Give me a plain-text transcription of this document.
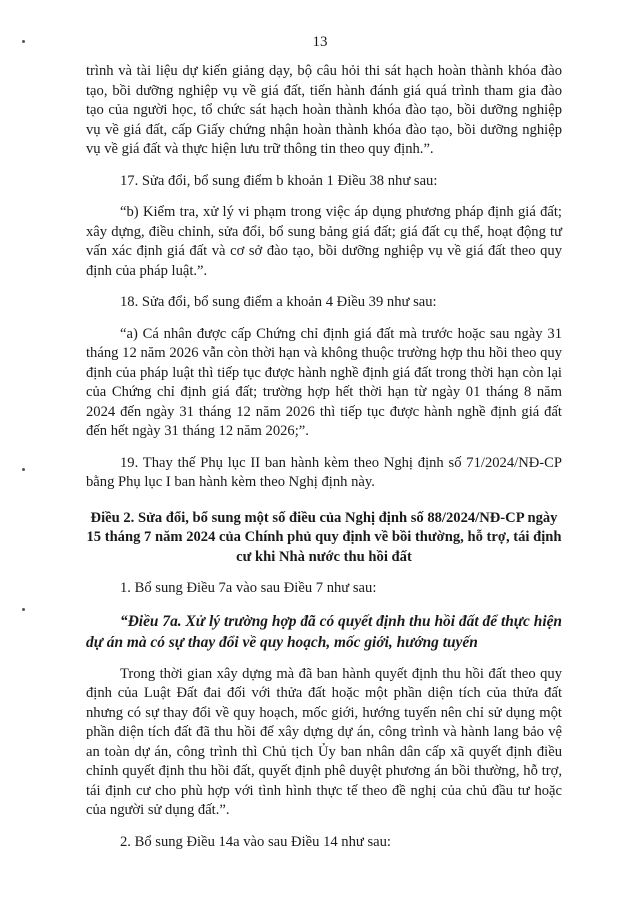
13

trình và tài liệu dự kiến giảng dạy, bộ câu hỏi thi sát hạch hoàn thành khóa đào tạo, bồi dưỡng nghiệp vụ về giá đất, tiến hành đánh giá quá trình tham gia đào tạo của người học, tổ chức sát hạch hoàn thành khóa đào tạo, bồi dưỡng nghiệp vụ về giá đất, cấp Giấy chứng nhận hoàn thành khóa đào tạo, bồi dưỡng nghiệp vụ về giá đất và thực hiện lưu trữ thông tin theo quy định.”.

17. Sửa đổi, bổ sung điểm b khoản 1 Điều 38 như sau:

“b) Kiểm tra, xử lý vi phạm trong việc áp dụng phương pháp định giá đất; xây dựng, điều chỉnh, sửa đổi, bổ sung bảng giá đất; giá đất cụ thể, hoạt động tư vấn xác định giá đất và cơ sở đào tạo, bồi dưỡng nghiệp vụ về giá đất theo quy định của pháp luật.”.

18. Sửa đổi, bổ sung điểm a khoản 4 Điều 39 như sau:

“a) Cá nhân được cấp Chứng chỉ định giá đất mà trước hoặc sau ngày 31 tháng 12 năm 2026 vẫn còn thời hạn và không thuộc trường hợp thu hồi theo quy định của pháp luật thì tiếp tục được hành nghề định giá đất trong thời hạn còn lại của Chứng chỉ định giá đất; trường hợp hết thời hạn từ ngày 01 tháng 8 năm 2024 đến ngày 31 tháng 12 năm 2026 thì tiếp tục được hành nghề định giá đất đến hết ngày 31 tháng 12 năm 2026;”.

19. Thay thế Phụ lục II ban hành kèm theo Nghị định số 71/2024/NĐ-CP bằng Phụ lục I ban hành kèm theo Nghị định này.

Điều 2. Sửa đổi, bổ sung một số điều của Nghị định số 88/2024/NĐ-CP ngày 15 tháng 7 năm 2024 của Chính phủ quy định về bồi thường, hỗ trợ, tái định cư khi Nhà nước thu hồi đất

1. Bổ sung Điều 7a vào sau Điều 7 như sau:

“Điều 7a. Xử lý trường hợp đã có quyết định thu hồi đất để thực hiện dự án mà có sự thay đổi về quy hoạch, mốc giới, hướng tuyến

Trong thời gian xây dựng mà đã ban hành quyết định thu hồi đất theo quy định của Luật Đất đai đối với thửa đất hoặc một phần diện tích của thửa đất nhưng có sự thay đổi về quy hoạch, mốc giới, hướng tuyến nên chỉ sử dụng một phần diện tích đất đã thu hồi để xây dựng dự án, công trình và hành lang bảo vệ an toàn dự án, công trình thì Chủ tịch Ủy ban nhân dân cấp xã quyết định điều chỉnh quyết định thu hồi đất, quyết định phê duyệt phương án bồi thường, hỗ trợ, tái định cư cho phù hợp với tình hình thực tế theo đề nghị của chủ đầu tư hoặc của người sử dụng đất.”.

2. Bổ sung Điều 14a vào sau Điều 14 như sau:
